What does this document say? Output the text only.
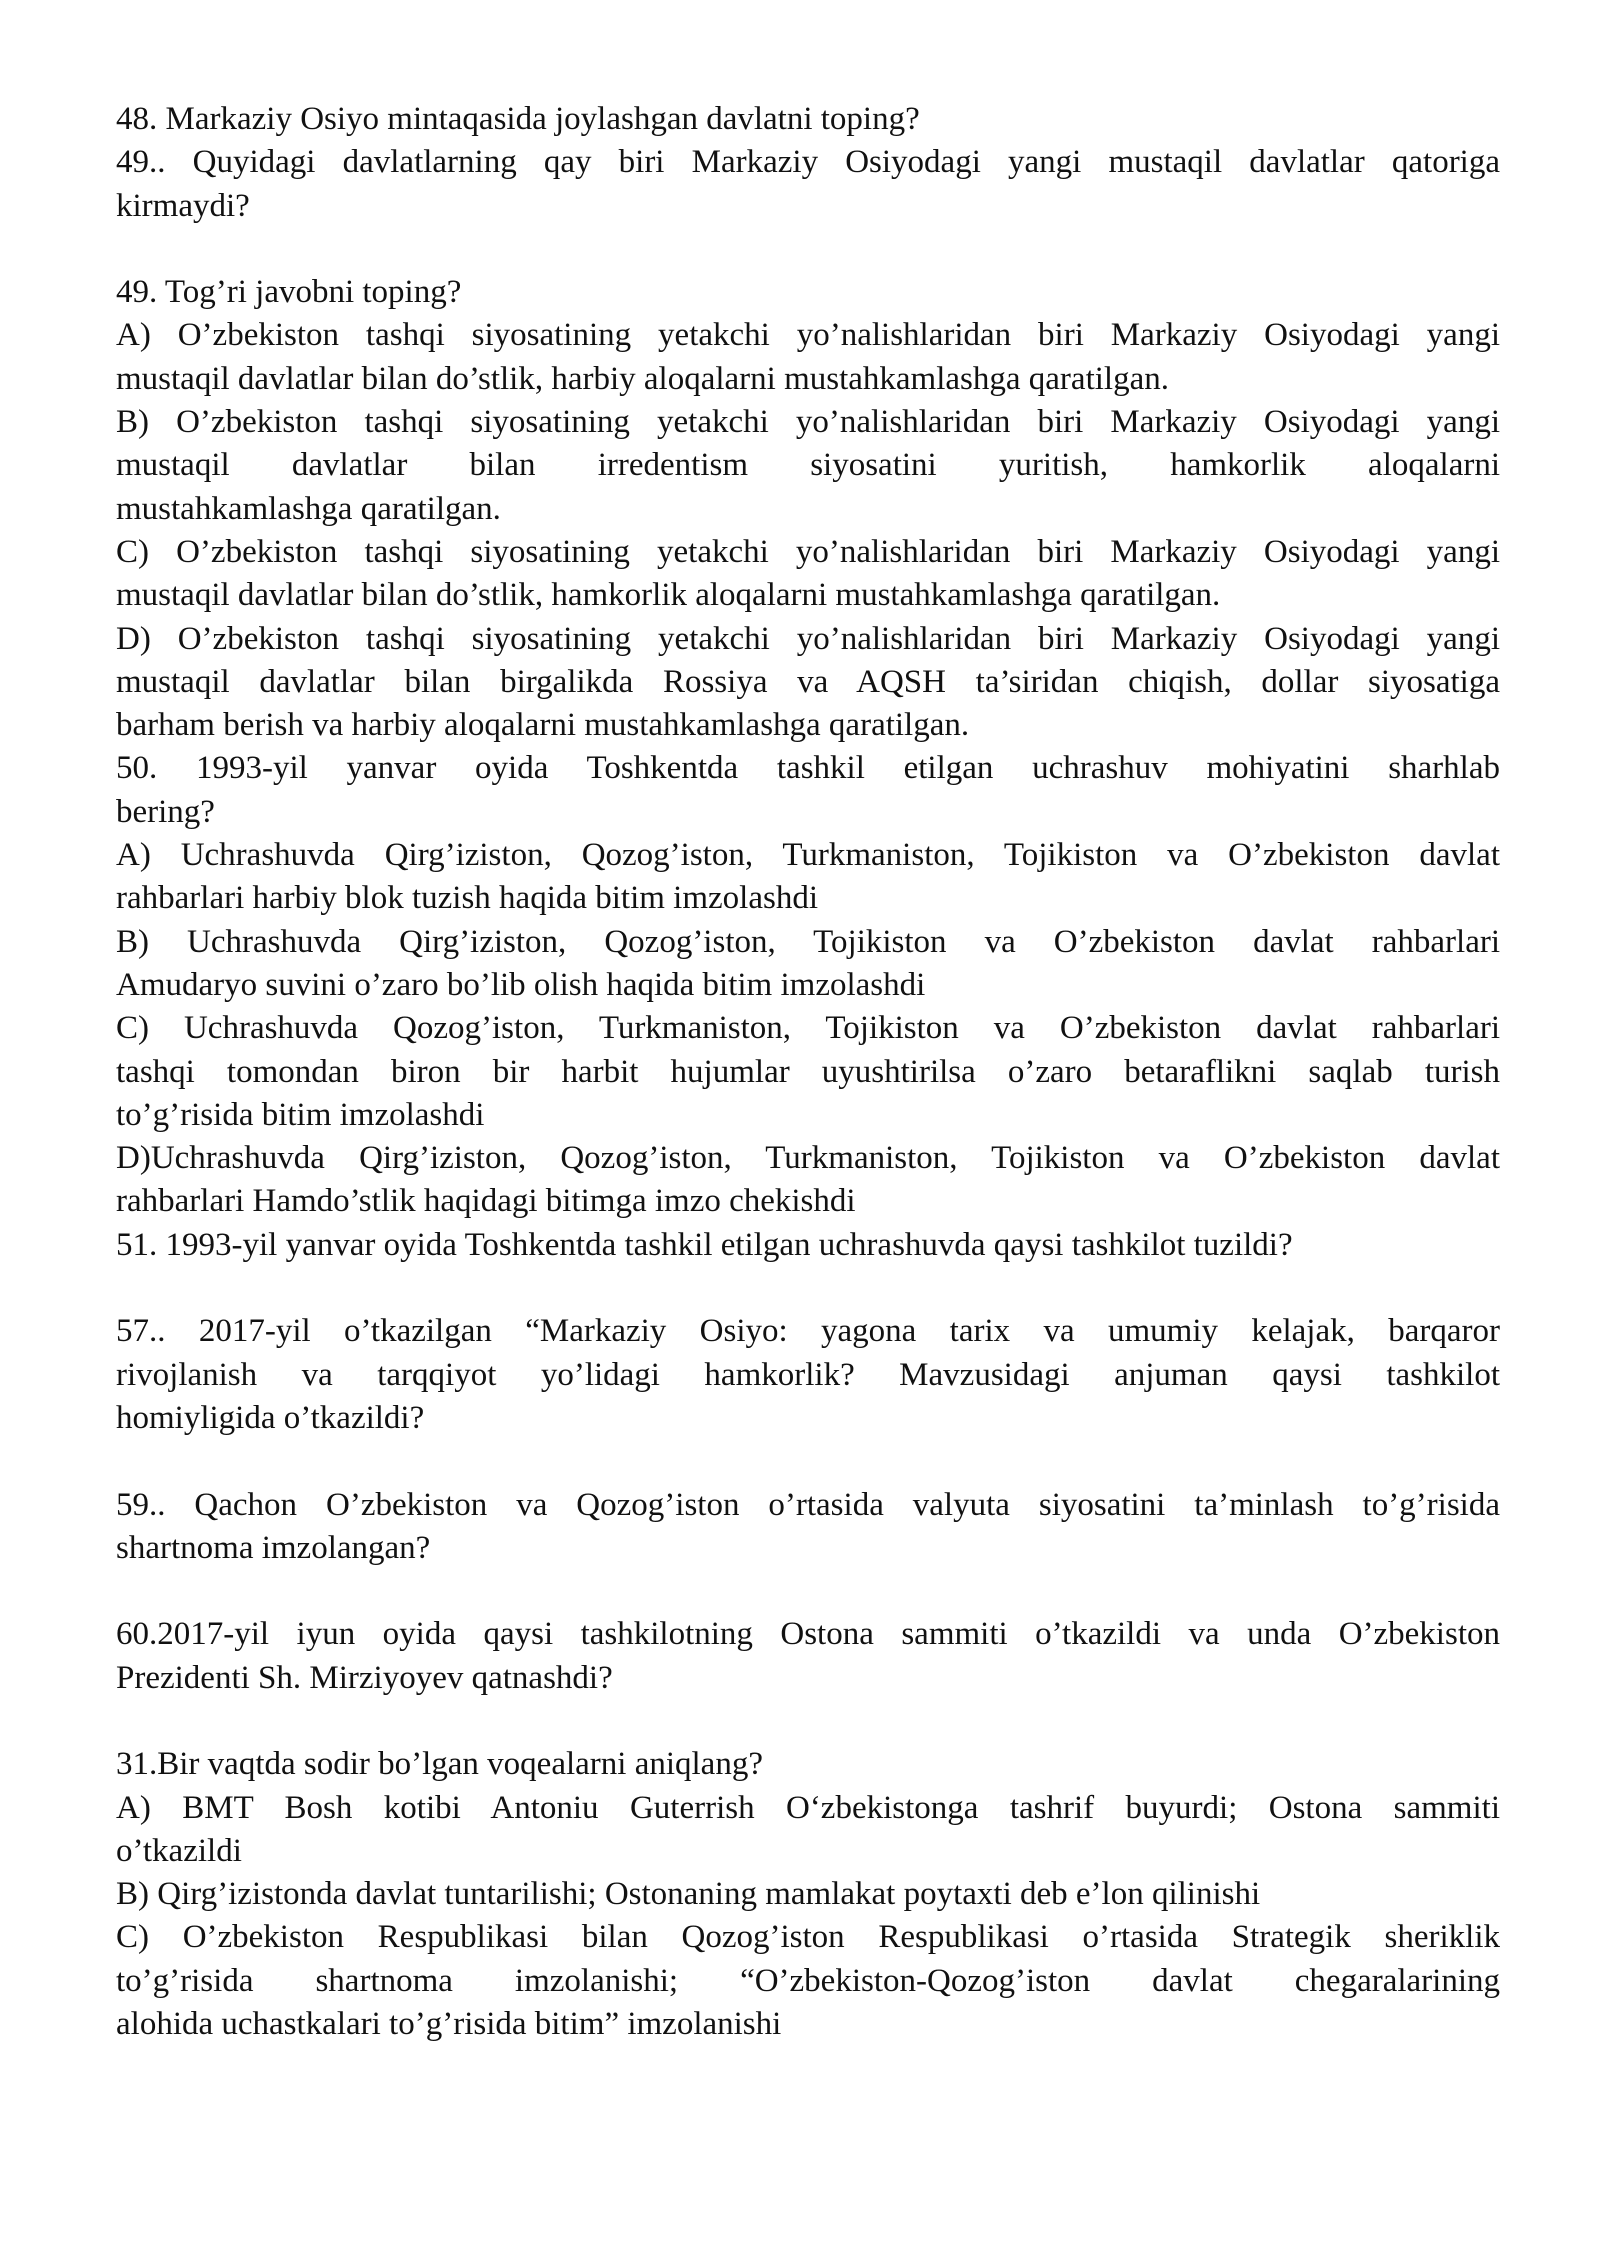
48. Markaziy Osiyo mintaqasida joylashgan davlatni toping?
49.. Quyidagi davlatlarning qay biri Markaziy Osiyodagi yangi mustaqil davlatlar qatoriga
kirmaydi?
49. Tog’ri javobni toping?
A) O’zbekiston tashqi siyosatining yetakchi yo’nalishlaridan biri Markaziy Osiyodagi yangi
mustaqil davlatlar bilan do’stlik, harbiy aloqalarni mustahkamlashga qaratilgan.
B) O’zbekiston tashqi siyosatining yetakchi yo’nalishlaridan biri Markaziy Osiyodagi yangi
mustaqil davlatlar bilan irredentism siyosatini yuritish, hamkorlik aloqalarni
mustahkamlashga qaratilgan.
C) O’zbekiston tashqi siyosatining yetakchi yo’nalishlaridan biri Markaziy Osiyodagi yangi
mustaqil davlatlar bilan do’stlik, hamkorlik aloqalarni mustahkamlashga qaratilgan.
D) O’zbekiston tashqi siyosatining yetakchi yo’nalishlaridan biri Markaziy Osiyodagi yangi
mustaqil davlatlar bilan birgalikda Rossiya va AQSH ta’siridan chiqish, dollar siyosatiga
barham berish va harbiy aloqalarni mustahkamlashga qaratilgan.
50. 1993-yil yanvar oyida Toshkentda tashkil etilgan uchrashuv mohiyatini sharhlab
bering?
A) Uchrashuvda Qirg’iziston, Qozog’iston, Turkmaniston, Tojikiston va O’zbekiston davlat
rahbarlari harbiy blok tuzish haqida bitim imzolashdi
B) Uchrashuvda Qirg’iziston, Qozog’iston, Tojikiston va O’zbekiston davlat rahbarlari
Amudaryo suvini o’zaro bo’lib olish haqida bitim imzolashdi
C) Uchrashuvda Qozog’iston, Turkmaniston, Tojikiston va O’zbekiston davlat rahbarlari
tashqi tomondan biron bir harbit hujumlar uyushtirilsa o’zaro betaraflikni saqlab turish
to’g’risida bitim imzolashdi
D)Uchrashuvda Qirg’iziston, Qozog’iston, Turkmaniston, Tojikiston va O’zbekiston davlat
rahbarlari Hamdo’stlik haqidagi bitimga imzo chekishdi
51. 1993-yil yanvar oyida Toshkentda tashkil etilgan uchrashuvda qaysi tashkilot tuzildi?
57.. 2017-yil o’tkazilgan “Markaziy Osiyo: yagona tarix va umumiy kelajak, barqaror
rivojlanish va tarqqiyot yo’lidagi hamkorlik? Mavzusidagi anjuman qaysi tashkilot
homiyligida o’tkazildi?
59.. Qachon O’zbekiston va Qozog’iston o’rtasida valyuta siyosatini ta’minlash to’g’risida
shartnoma imzolangan?
60.2017-yil iyun oyida qaysi tashkilotning Ostona sammiti o’tkazildi va unda O’zbekiston
Prezidenti Sh. Mirziyoyev qatnashdi?
31.Bir vaqtda sodir bo’lgan voqealarni aniqlang?
A) BMT Bosh kotibi Antoniu Guterrish O‘zbekistonga tashrif buyurdi; Ostona sammiti
o’tkazildi
B) Qirg’izistonda davlat tuntarilishi; Ostonaning mamlakat poytaxti deb e’lon qilinishi
C) O’zbekiston Respublikasi bilan Qozog’iston Respublikasi o’rtasida Strategik sheriklik
to’g’risida shartnoma imzolanishi; “O’zbekiston-Qozog’iston davlat chegaralarining
alohida uchastkalari to’g’risida bitim” imzolanishi
